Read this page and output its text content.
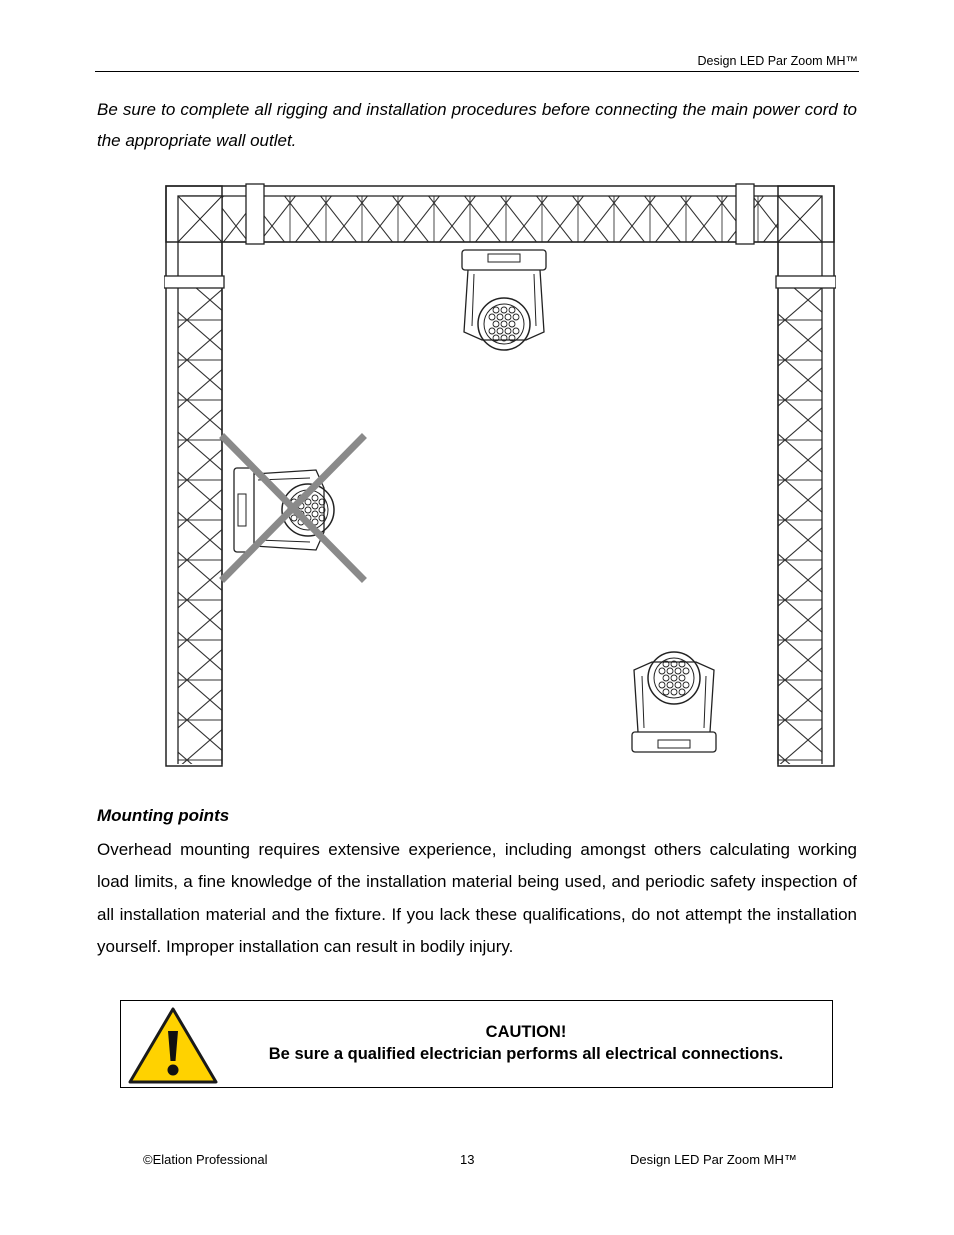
Design LED Par Zoom MH™

Be sure to complete all rigging and installation procedures before connecting the main power cord to the appropriate wall outlet.

Mounting points

Overhead mounting requires extensive experience, including amongst others calculating working load limits, a fine knowledge of the installation material being used, and periodic safety inspection of all installation material and the fixture. If you lack these qualifications, do not attempt the installation yourself. Improper installation can result in bodily injury.

CAUTION!
Be sure a qualified electrician performs all electrical connections.
©Elation Professional	13	Design LED Par Zoom MH™
